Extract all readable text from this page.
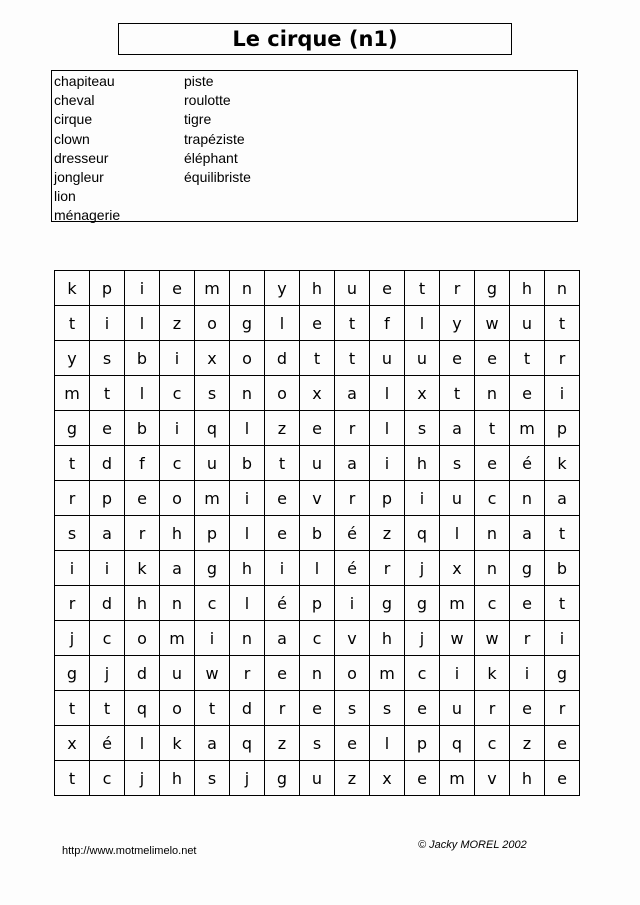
Le cirque (n1)
chapiteau
cheval
cirque
clown
dresseur
jongleur
lion
ménagerie
piste
roulotte
tigre
trapéziste
éléphant
équilibriste
k	p	i	e	m	n	y	h	u	e	t	r	g	h	n
t	i	l	z	o	g	l	e	t	f	l	y	w	u	t
y	s	b	i	x	o	d	t	t	u	u	e	e	t	r
m	t	l	c	s	n	o	x	a	l	x	t	n	e	i
g	e	b	i	q	l	z	e	r	l	s	a	t	m	p
t	d	f	c	u	b	t	u	a	i	h	s	e	é	k
r	p	e	o	m	i	e	v	r	p	i	u	c	n	a
s	a	r	h	p	l	e	b	é	z	q	l	n	a	t
i	i	k	a	g	h	i	l	é	r	j	x	n	g	b
r	d	h	n	c	l	é	p	i	g	g	m	c	e	t
j	c	o	m	i	n	a	c	v	h	j	w	w	r	i
g	j	d	u	w	r	e	n	o	m	c	i	k	i	g
t	t	q	o	t	d	r	e	s	s	e	u	r	e	r
x	é	l	k	a	q	z	s	e	l	p	q	c	z	e
t	c	j	h	s	j	g	u	z	x	e	m	v	h	e
http://www.motmelimelo.net	© Jacky MOREL 2002
